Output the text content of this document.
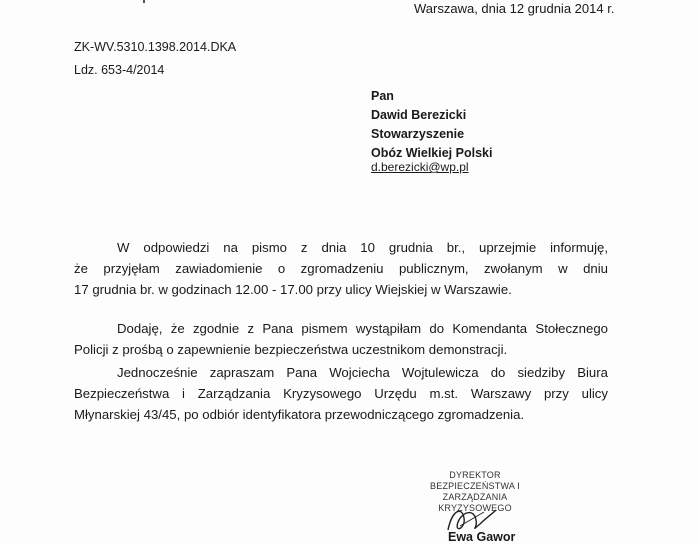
Warszawa, dnia 12 grudnia 2014 r.
ZK-WV.5310.1398.2014.DKA
Ldz. 653-4/2014
Pan
Dawid Berezicki
Stowarzyszenie
Obóz Wielkiej Polski
d.berezicki@wp.pl
W odpowiedzi na pismo z dnia 10 grudnia br., uprzejmie informuję,
że przyjęłam zawiadomienie o zgromadzeniu publicznym, zwołanym w dniu
17 grudnia br. w godzinach 12.00 - 17.00 przy ulicy Wiejskiej w Warszawie.
Dodaję, że zgodnie z Pana pismem wystąpiłam do Komendanta Stołecznego
Policji z prośbą o zapewnienie bezpieczeństwa uczestnikom demonstracji.
Jednocześnie zapraszam Pana Wojciecha Wojtulewicza do siedziby Biura
Bezpieczeństwa i Zarządzania Kryzysowego Urzędu m.st. Warszawy przy ulicy
Młynarskiej 43/45, po odbiór identyfikatora przewodniczącego zgromadzenia.
DYREKTOR
BEZPIECZEŃSTWA I ZARZĄDZANIA
KRYZYSOWEGO
Ewa Gawor
